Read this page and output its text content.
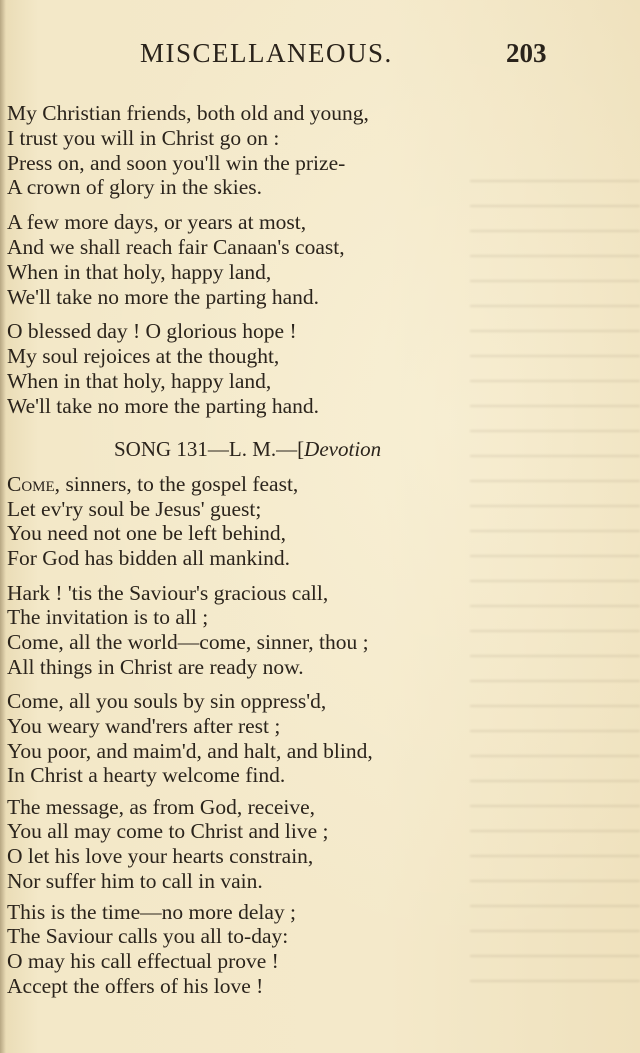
MISCELLANEOUS.	203
My Christian friends, both old and young,
I trust you will in Christ go on :
Press on, and soon you'll win the prize-
A crown of glory in the skies.
A few more days, or years at most,
And we shall reach fair Canaan's coast,
When in that holy, happy land,
We'll take no more the parting hand.
O blessed day ! O glorious hope !
My soul rejoices at the thought,
When in that holy, happy land,
We'll take no more the parting hand.
SONG 131—L. M.—[Devotion
Come, sinners, to the gospel feast,
Let ev'ry soul be Jesus' guest;
You need not one be left behind,
For God has bidden all mankind.
Hark ! 'tis the Saviour's gracious call,
The invitation is to all ;
Come, all the world—come, sinner, thou ;
All things in Christ are ready now.
Come, all you souls by sin oppress'd,
You weary wand'rers after rest ;
You poor, and maim'd, and halt, and blind,
In Christ a hearty welcome find.
The message, as from God, receive,
You all may come to Christ and live ;
O let his love your hearts constrain,
Nor suffer him to call in vain.
This is the time—no more delay ;
The Saviour calls you all to-day:
O may his call effectual prove !
Accept the offers of his love !
